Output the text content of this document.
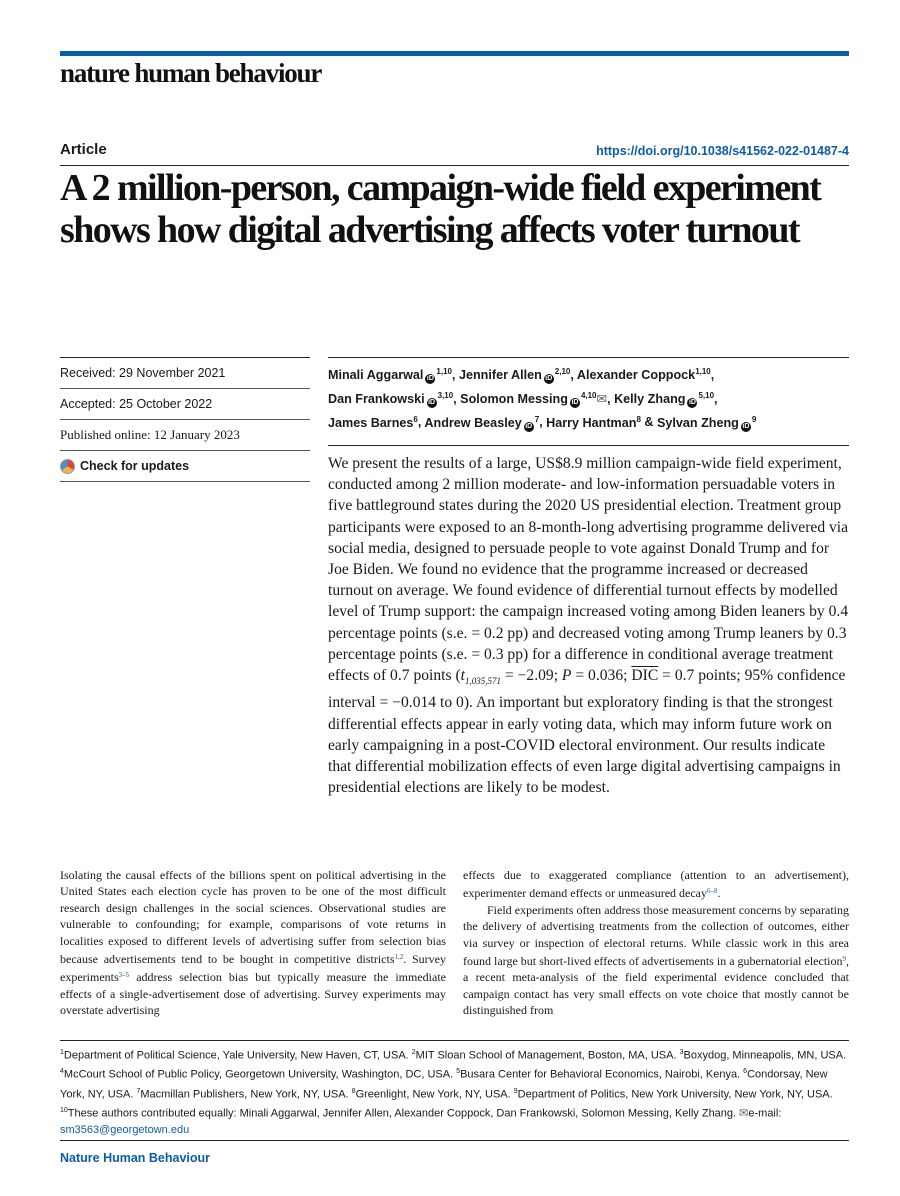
nature human behaviour
Article	https://doi.org/10.1038/s41562-022-01487-4
A 2 million-person, campaign-wide field experiment shows how digital advertising affects voter turnout
Received: 29 November 2021
Accepted: 25 October 2022
Published online: 12 January 2023
Check for updates
Minali Aggarwal iD$^{1,10}$, Jennifer Allen iD$^{2,10}$, Alexander Coppock$^{1,10}$,
Dan Frankowski iD$^{3,10}$, Solomon Messing iD$^{4,10}$✉, Kelly Zhang iD$^{5,10}$,
James Barnes$^6$, Andrew Beasley $iD^7$, Harry Hantman$^8$ & Sylvan Zheng $iD^9$

We present the results of a large, US$8.9 million campaign-wide field experiment, conducted among 2 million moderate- and low-information persuadable voters in five battleground states during the 2020 US presidential election. Treatment group participants were exposed to an 8-month-long advertising programme delivered via social media, designed to persuade people to vote against Donald Trump and for Joe Biden. We found no evidence that the programme increased or decreased turnout on average. We found evidence of differential turnout effects by modelled level of Trump support: the campaign increased voting among Biden leaners by 0.4 percentage points (s.e. = 0.2 pp) and decreased voting among Trump leaners by 0.3 percentage points (s.e. = 0.3 pp) for a difference in conditional average treatment effects of 0.7 points ($t_{1,035,571} = -2.09$; P = 0.036; $\overline{DIC} = 0.7$ points; 95% confidence interval = −0.014 to 0). An important but exploratory finding is that the strongest differential effects appear in early voting data, which may inform future work on early campaigning in a post-COVID electoral environment. Our results indicate that differential mobilization effects of even large digital advertising campaigns in presidential elections are likely to be modest.

Isolating the causal effects of the billions spent on political advertising in the United States each election cycle has proven to be one of the most difficult research design challenges in the social sciences. Observational studies are vulnerable to confounding; for example, comparisons of vote returns in localities exposed to different levels of advertising suffer from selection bias because advertisements tend to be bought in competitive districts$^{1,2}$. Survey experiments$^{3-5}$ address selection bias but typically measure the immediate effects of a single-advertisement dose of advertising. Survey experiments may overstate advertising

effects due to exaggerated compliance (attention to an advertisement), experimenter demand effects or unmeasured decay$^{6-8}$.
Field experiments often address those measurement concerns by separating the delivery of advertising treatments from the collection of outcomes, either via survey or inspection of electoral returns. While classic work in this area found large but short-lived effects of advertisements in a gubernatorial election$^9$, a recent meta-analysis of the field experimental evidence concluded that campaign contact has very small effects on vote choice that mostly cannot be distinguished from
$^1$Department of Political Science, Yale University, New Haven, CT, USA. $^2$MIT Sloan School of Management, Boston, MA, USA. $^3$Boxydog, Minneapolis, MN, USA. $^4$McCourt School of Public Policy, Georgetown University, Washington, DC, USA. $^5$Busara Center for Behavioral Economics, Nairobi, Kenya. $^6$Condorsay, New York, NY, USA. $^7$Macmillan Publishers, New York, NY, USA. $^8$Greenlight, New York, NY, USA. $^9$Department of Politics, New York University, New York, NY, USA. $^{10}$These authors contributed equally: Minali Aggarwal, Jennifer Allen, Alexander Coppock, Dan Frankowski, Solomon Messing, Kelly Zhang. ✉e-mail: sm3563@georgetown.edu
Nature Human Behaviour
